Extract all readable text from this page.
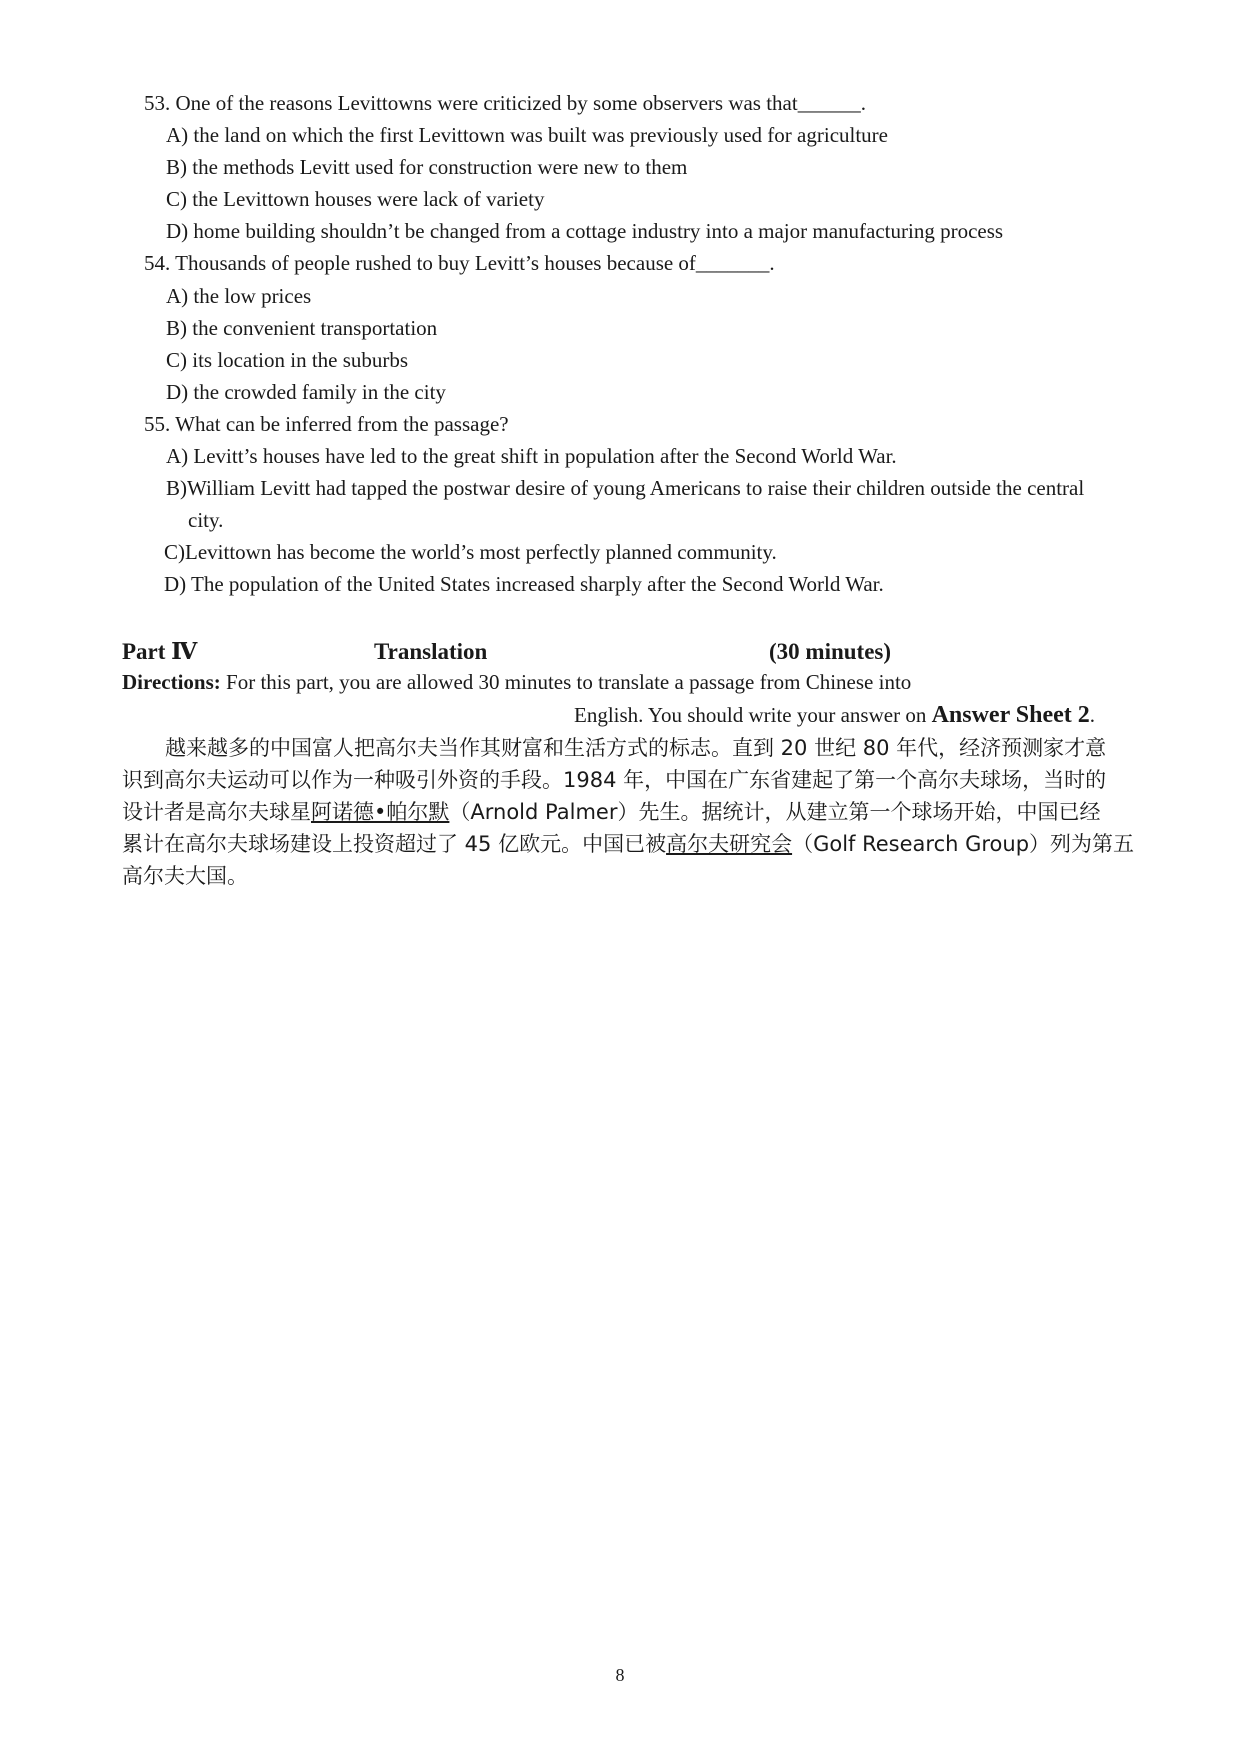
53. One of the reasons Levittowns were criticized by some observers was that______.
A) the land on which the first Levittown was built was previously used for agriculture
B) the methods Levitt used for construction were new to them
C) the Levittown houses were lack of variety
D) home building shouldn’t be changed from a cottage industry into a major manufacturing process
54. Thousands of people rushed to buy Levitt’s houses because of_______.
A) the low prices
B) the convenient transportation
C) its location in the suburbs
D) the crowded family in the city
55. What can be inferred from the passage?
A) Levitt’s houses have led to the great shift in population after the Second World War.
B)William Levitt had tapped the postwar desire of young Americans to raise their children outside the central
city.
C)Levittown has become the world’s most perfectly planned community.
D) The population of the United States increased sharply after the Second World War.
Part Ⅳ	Translation	(30 minutes)
Directions: For this part, you are allowed 30 minutes to translate a passage from Chinese into
English. You should write your answer on Answer Sheet 2.
越来越多的中国富人把高尔夫当作其财富和生活方式的标志。直到 20 世纪 80 年代，经济预测家才意
识到高尔夫运动可以作为一种吸引外资的手段。1984 年，中国在广东省建起了第一个高尔夫球场，当时的
设计者是高尔夫球星阿诺德•帕尔默（Arnold Palmer）先生。据统计，从建立第一个球场开始，中国已经
累计在高尔夫球场建设上投资超过了 45 亿欧元。中国已被高尔夫研究会（Golf Research Group）列为第五
高尔夫大国。
8
